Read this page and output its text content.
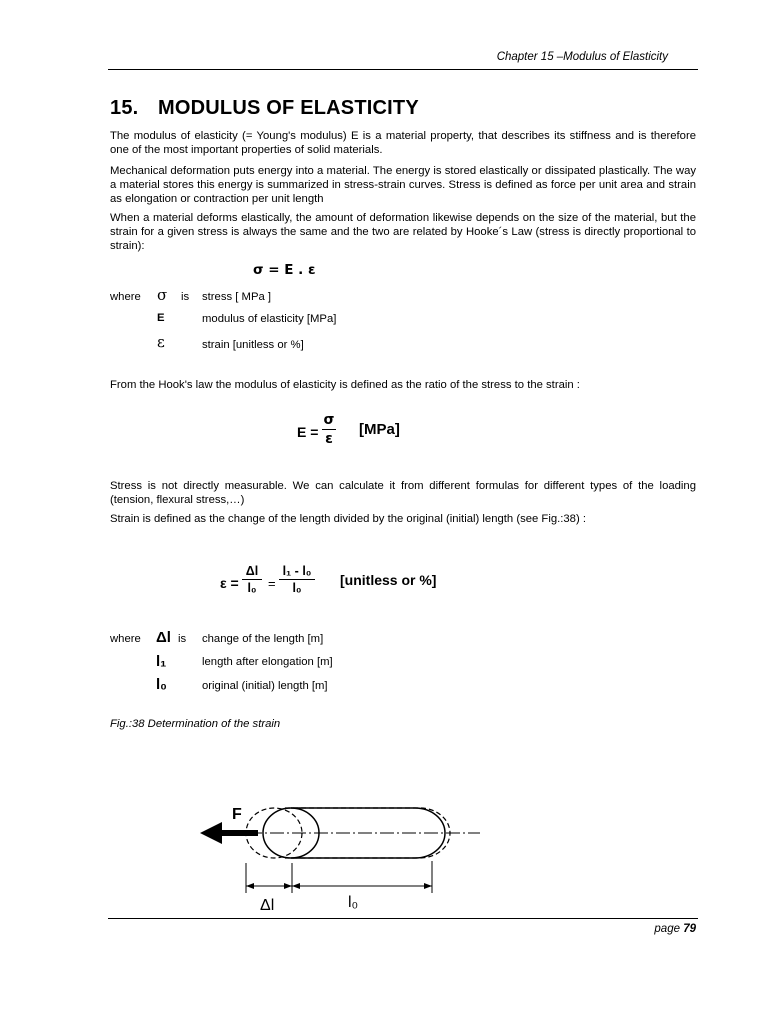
Chapter 15 –Modulus of Elasticity
15. MODULUS OF ELASTICITY
The modulus of elasticity (= Young's modulus) E is a material property, that describes its stiffness and is therefore one of the most important properties of solid materials.
Mechanical deformation puts energy into a material. The energy is stored elastically or dissipated plastically. The way a material stores this energy is summarized in stress-strain curves. Stress is defined as force per unit area and strain as elongation or contraction per unit length
When a material deforms elastically, the amount of deformation likewise depends on the size of the material, but the strain for a given stress is always the same and the two are related by Hooke´s Law (stress is directly proportional to strain):
σ = E . ε
where σ is stress [ MPa ]
E	modulus of elasticity [MPa]
ε	strain [unitless or %]
From the Hook's law the modulus of elasticity is defined as the ratio of the stress to the strain :
E =
σ
ε
[MPa]
Stress is not directly measurable. We can calculate it from different formulas for different types of the loading (tension, flexural stress,…)
Strain is defined as the change of the length divided by the original (initial) length (see Fig.:38) :
ε =
Δl
l₀ =
l₁ - l₀
l₀	[unitless or %]
where Δl is change of the length [m]
l₁	length after elongation [m]
l₀	original (initial) length [m]
Fig.:38 Determination of the strain
F
Δl	l₀
page 79
